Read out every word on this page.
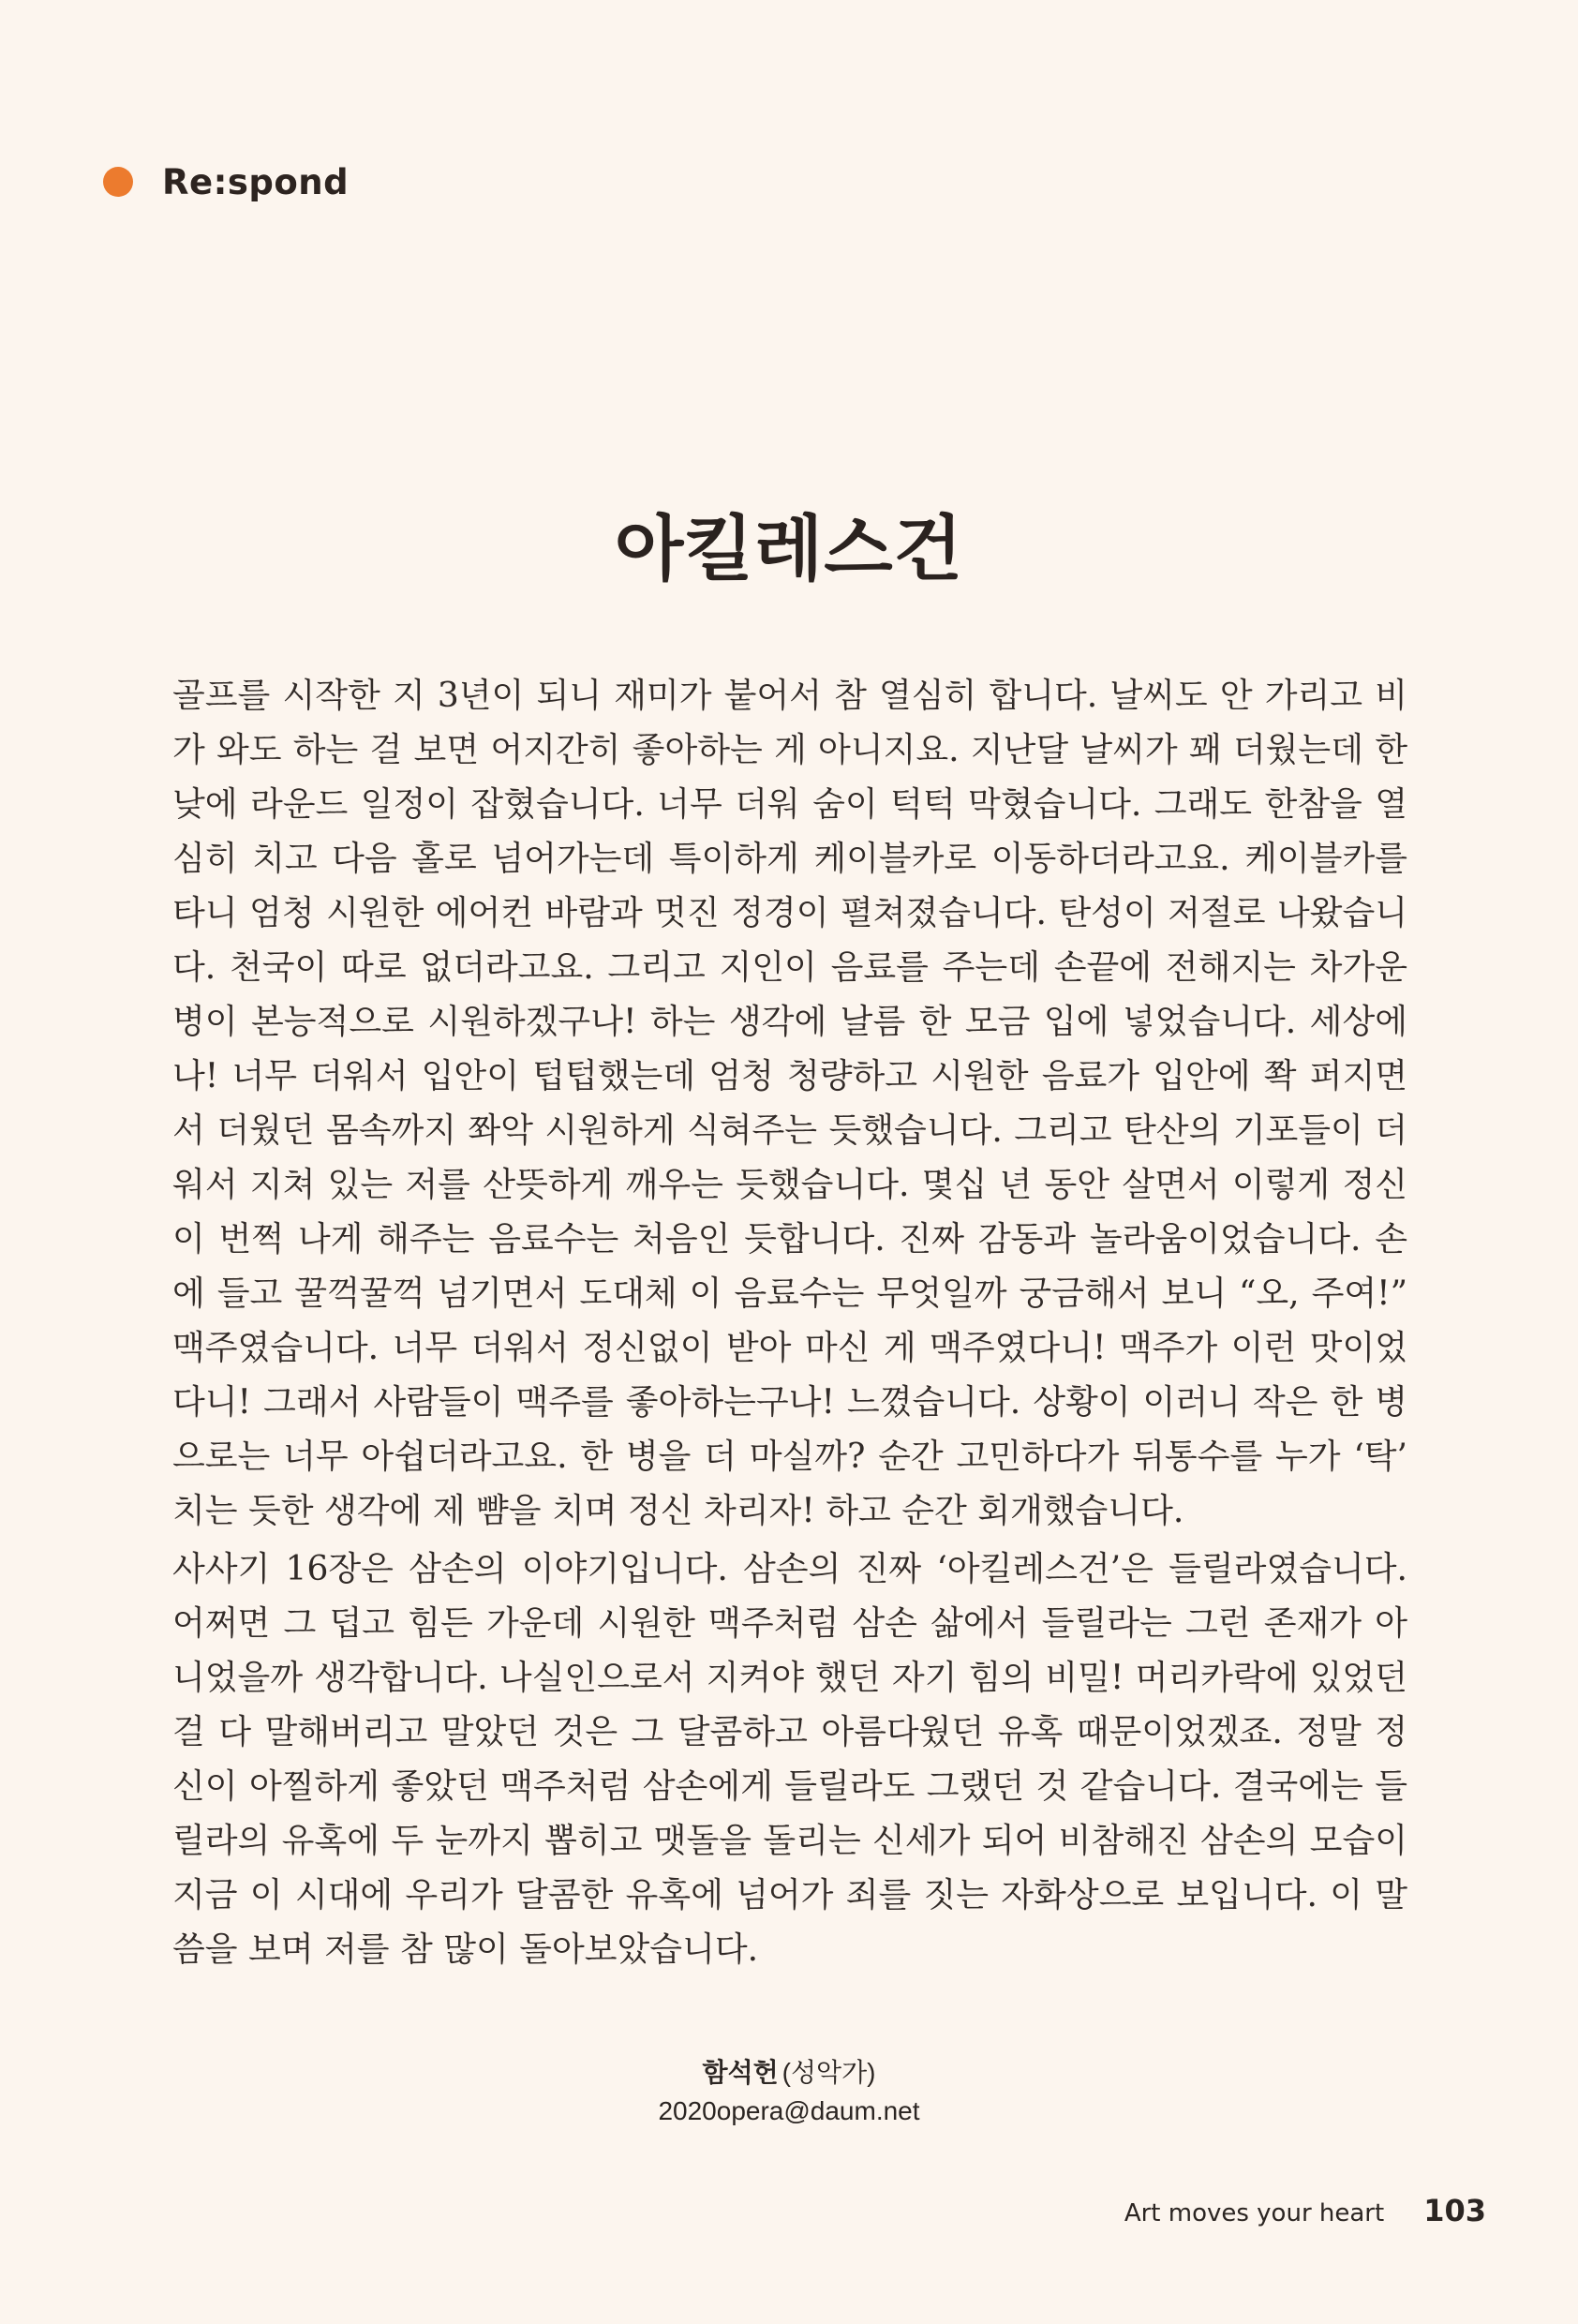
Re:spond
아킬레스건
골프를 시작한 지 3년이 되니 재미가 붙어서 참 열심히 합니다. 날씨도 안 가리고 비가 와도 하는 걸 보면 어지간히 좋아하는 게 아니지요. 지난달 날씨가 꽤 더웠는데 한낮에 라운드 일정이 잡혔습니다. 너무 더워 숨이 턱턱 막혔습니다. 그래도 한참을 열심히 치고 다음 홀로 넘어가는데 특이하게 케이블카로 이동하더라고요. 케이블카를 타니 엄청 시원한 에어컨 바람과 멋진 정경이 펼쳐졌습니다. 탄성이 저절로 나왔습니다. 천국이 따로 없더라고요. 그리고 지인이 음료를 주는데 손끝에 전해지는 차가운 병이 본능적으로 시원하겠구나! 하는 생각에 날름 한 모금 입에 넣었습니다. 세상에나! 너무 더워서 입안이 텁텁했는데 엄청 청량하고 시원한 음료가 입안에 쫙 퍼지면서 더웠던 몸속까지 쫘악 시원하게 식혀주는 듯했습니다. 그리고 탄산의 기포들이 더워서 지쳐 있는 저를 산뜻하게 깨우는 듯했습니다. 몇십 년 동안 살면서 이렇게 정신이 번쩍 나게 해주는 음료수는 처음인 듯합니다. 진짜 감동과 놀라움이었습니다. 손에 들고 꿀꺽꿀꺽 넘기면서 도대체 이 음료수는 무엇일까 궁금해서 보니 “오, 주여!” 맥주였습니다. 너무 더워서 정신없이 받아 마신 게 맥주였다니! 맥주가 이런 맛이었다니! 그래서 사람들이 맥주를 좋아하는구나! 느꼈습니다. 상황이 이러니 작은 한 병으로는 너무 아쉽더라고요. 한 병을 더 마실까? 순간 고민하다가 뒤통수를 누가 ‘탁’ 치는 듯한 생각에 제 뺨을 치며 정신 차리자! 하고 순간 회개했습니다.
사사기 16장은 삼손의 이야기입니다. 삼손의 진짜 ‘아킬레스건’은 들릴라였습니다. 어쩌면 그 덥고 힘든 가운데 시원한 맥주처럼 삼손 삶에서 들릴라는 그런 존재가 아니었을까 생각합니다. 나실인으로서 지켜야 했던 자기 힘의 비밀! 머리카락에 있었던 걸 다 말해버리고 말았던 것은 그 달콤하고 아름다웠던 유혹 때문이었겠죠. 정말 정신이 아찔하게 좋았던 맥주처럼 삼손에게 들릴라도 그랬던 것 같습니다. 결국에는 들릴라의 유혹에 두 눈까지 뽑히고 맷돌을 돌리는 신세가 되어 비참해진 삼손의 모습이 지금 이 시대에 우리가 달콤한 유혹에 넘어가 죄를 짓는 자화상으로 보입니다. 이 말씀을 보며 저를 참 많이 돌아보았습니다.
함석헌 (성악가)
2020opera@daum.net
Art moves your heart 103
